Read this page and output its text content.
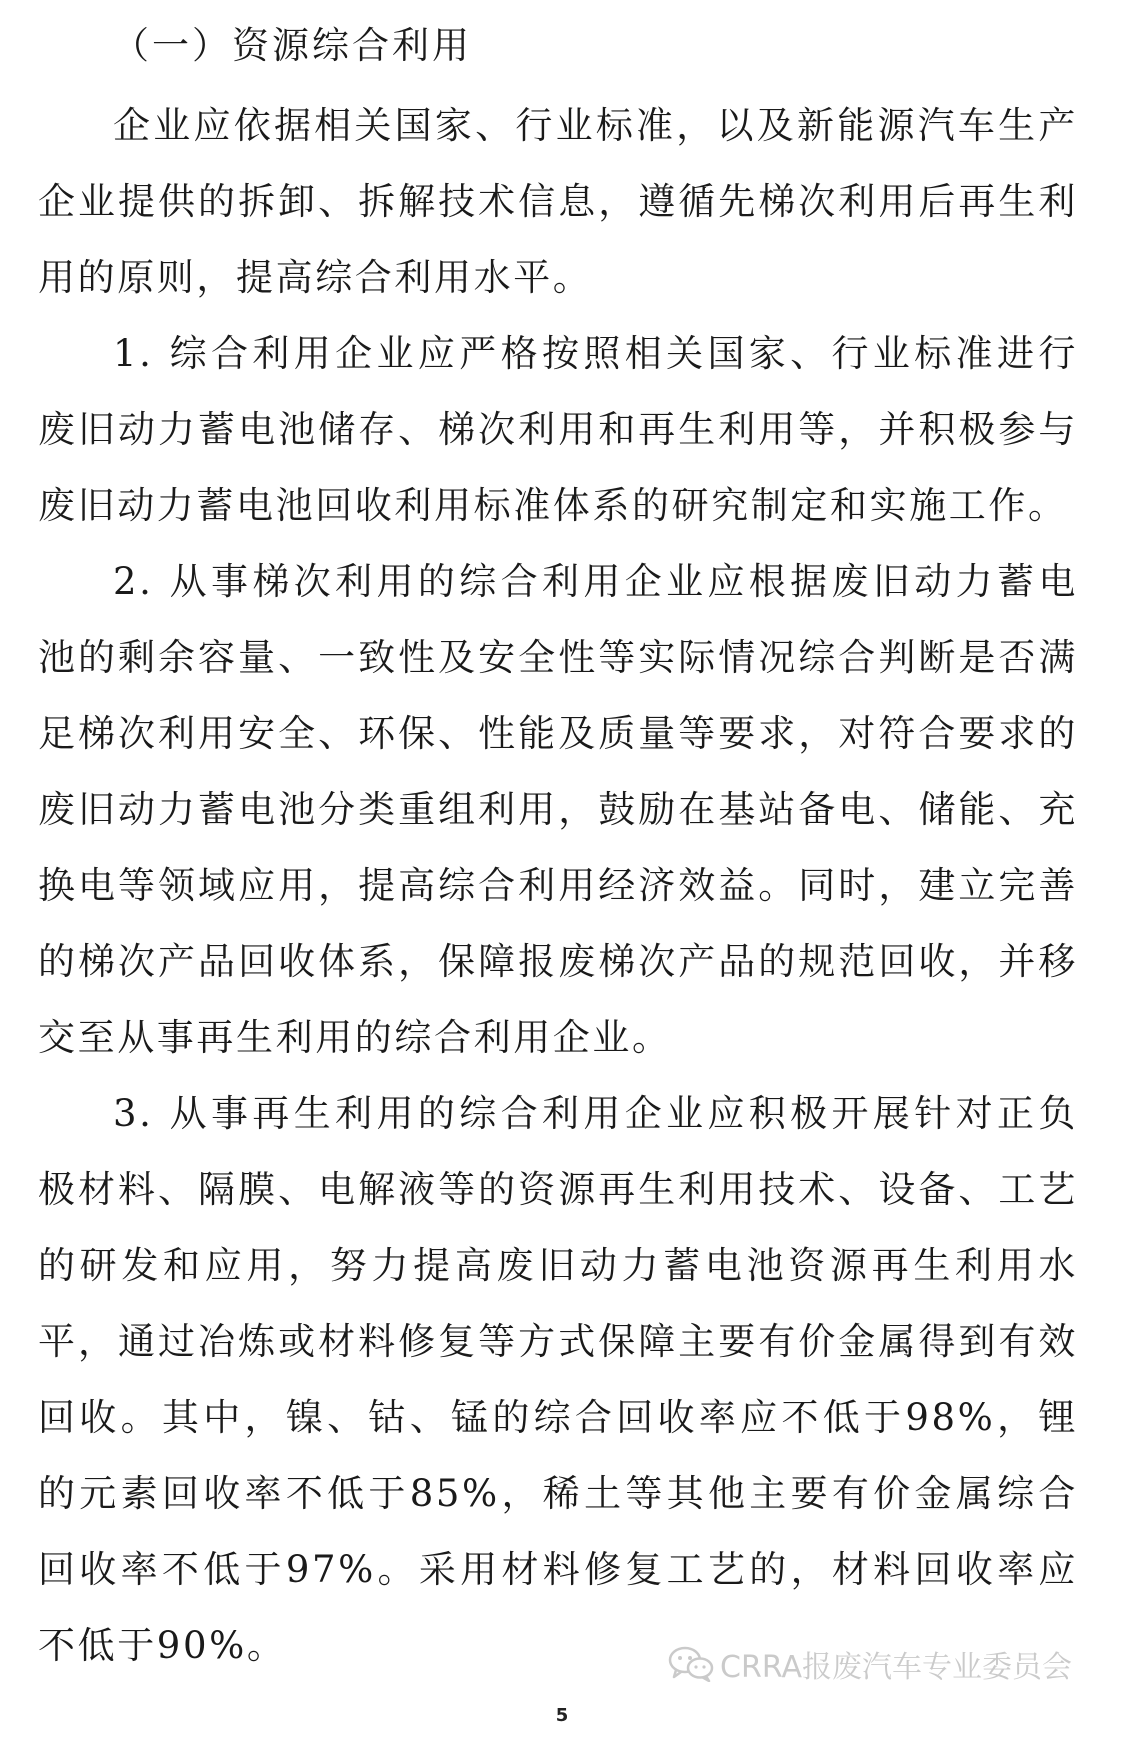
（一）资源综合利用

企业应依据相关国家、行业标准，以及新能源汽车生产企业提供的拆卸、拆解技术信息，遵循先梯次利用后再生利用的原则，提高综合利用水平。

1. 综合利用企业应严格按照相关国家、行业标准进行废旧动力蓄电池储存、梯次利用和再生利用等，并积极参与废旧动力蓄电池回收利用标准体系的研究制定和实施工作。

2. 从事梯次利用的综合利用企业应根据废旧动力蓄电池的剩余容量、一致性及安全性等实际情况综合判断是否满足梯次利用安全、环保、性能及质量等要求，对符合要求的废旧动力蓄电池分类重组利用，鼓励在基站备电、储能、充换电等领域应用，提高综合利用经济效益。同时，建立完善的梯次产品回收体系，保障报废梯次产品的规范回收，并移交至从事再生利用的综合利用企业。

3. 从事再生利用的综合利用企业应积极开展针对正负极材料、隔膜、电解液等的资源再生利用技术、设备、工艺的研发和应用，努力提高废旧动力蓄电池资源再生利用水平，通过冶炼或材料修复等方式保障主要有价金属得到有效回收。其中，镍、钴、锰的综合回收率应不低于98%，锂的元素回收率不低于85%，稀土等其他主要有价金属综合回收率不低于97%。采用材料修复工艺的，材料回收率应不低于90%。

CRRA报废汽车专业委员会
5
